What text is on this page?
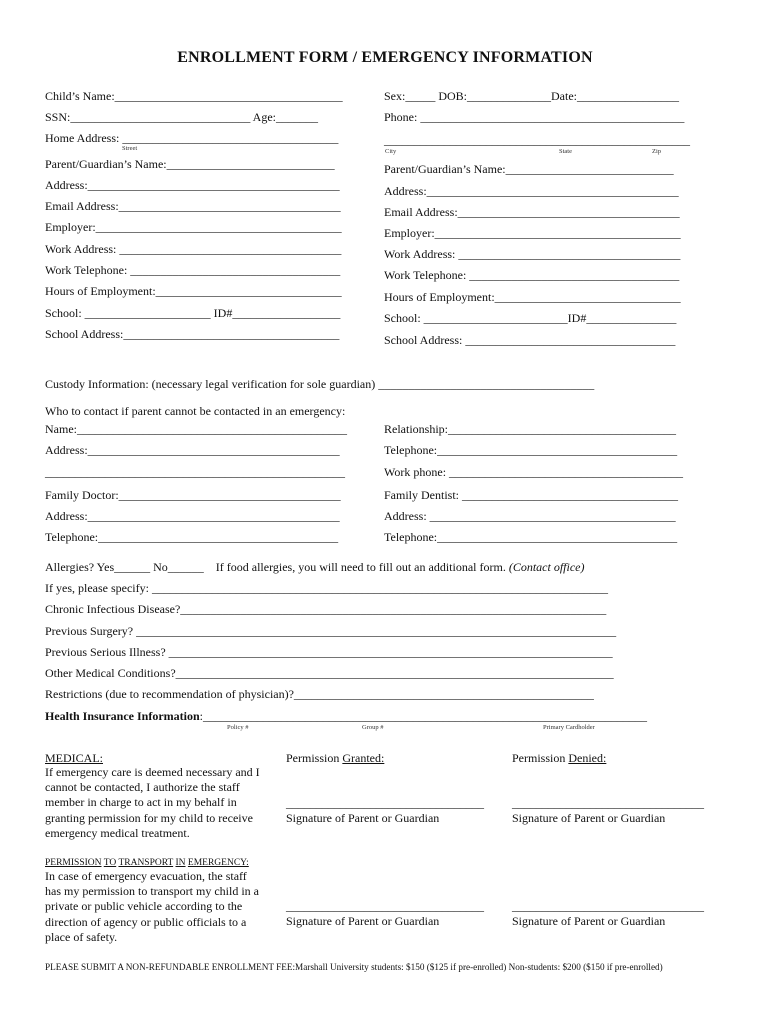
ENROLLMENT FORM / EMERGENCY INFORMATION
Child’s Name:______________________________________
SSN:______________________________ Age:_______
Home Address: ____________________________________
Street
Parent/Guardian’s Name:____________________________
Address:__________________________________________
Email Address:_____________________________________
Employer:_________________________________________
Work Address: _____________________________________
Work Telephone: ___________________________________
Hours of Employment:_______________________________
School: _____________________ ID#__________________
School Address:____________________________________
Sex:_____ DOB:______________Date:_________________
Phone: ____________________________________________
___________________________________________________
City	State	Zip
Parent/Guardian’s Name:____________________________
Address:__________________________________________
Email Address:_____________________________________
Employer:_________________________________________
Work Address: _____________________________________
Work Telephone: ___________________________________
Hours of Employment:_______________________________
School: ________________________ID#_______________
School Address: ___________________________________
Custody Information: (necessary legal verification for sole guardian) ____________________________________
Who to contact if parent cannot be contacted in an emergency:
Name:_____________________________________________	Relationship:______________________________________
Address:__________________________________________	Telephone:________________________________________
__________________________________________________	Work phone: _______________________________________
Family Doctor:_____________________________________	Family Dentist: ____________________________________
Address:__________________________________________	Address: _________________________________________
Telephone:________________________________________	Telephone:________________________________________
Allergies? Yes______ No______    If food allergies, you will need to fill out an additional form. (Contact office)
If yes, please specify: ____________________________________________________________________________
Chronic Infectious Disease?_______________________________________________________________________
Previous Surgery? ________________________________________________________________________________
Previous Serious Illness? __________________________________________________________________________
Other Medical Conditions?_________________________________________________________________________
Restrictions (due to recommendation of physician)?__________________________________________________
Health Insurance Information:__________________________________________________________________________
Policy #	Group #	Primary Cardholder
MEDICAL:
If emergency care is deemed necessary and I
cannot be contacted, I authorize the staff
member in charge to act in my behalf in
granting permission for my child to receive
emergency medical treatment.
Permission Granted:	Permission Denied:
_________________________________ ________________________________
Signature of Parent or Guardian	Signature of Parent or Guardian
PERMISSION TO TRANSPORT IN EMERGENCY:
In case of emergency evacuation, the staff
has my permission to transport my child in a
private or public vehicle according to the
direction of agency or public officials to a
place of safety.
_________________________________ ________________________________
Signature of Parent or Guardian	Signature of Parent or Guardian
PLEASE SUBMIT A NON-REFUNDABLE ENROLLMENT FEE:Marshall University students: $150 ($125 if pre-enrolled) Non-students: $200 ($150 if pre-enrolled)
